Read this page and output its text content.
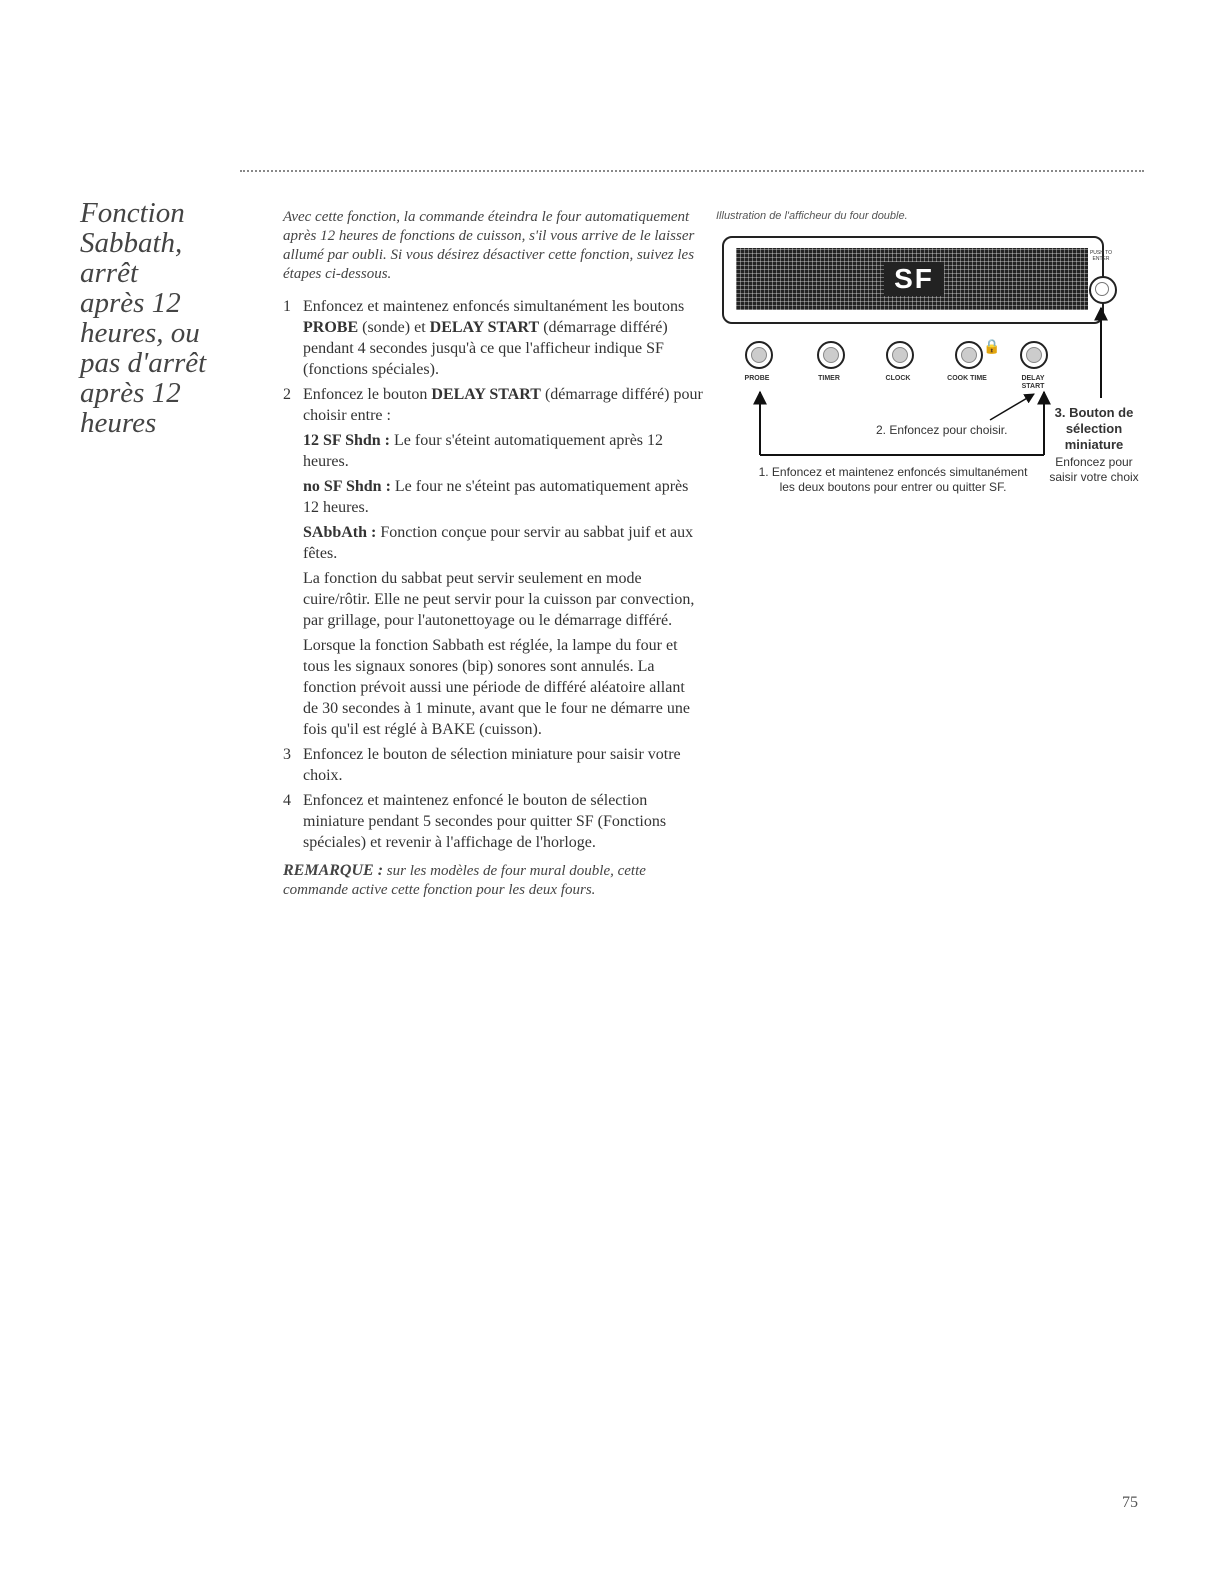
Fonction
Sabbath, arrêt
après 12
heures, ou
pas d'arrêt
après 12
heures

Avec cette fonction, la commande éteindra le four automatiquement après 12 heures de fonctions de cuisson, s'il vous arrive de le laisser allumé par oubli. Si vous désirez désactiver cette fonction, suivez les étapes ci-dessous.

1 Enfoncez et maintenez enfoncés simultanément les boutons PROBE (sonde) et DELAY START (démarrage différé) pendant 4 secondes jusqu'à ce que l'afficheur indique SF (fonctions spéciales).

2 Enfoncez le bouton DELAY START (démarrage différé) pour choisir entre :

12 SF Shdn : Le four s'éteint automatiquement après 12 heures.

no SF Shdn : Le four ne s'éteint pas automatiquement après 12 heures.

SAbbAth : Fonction conçue pour servir au sabbat juif et aux fêtes.

La fonction du sabbat peut servir seulement en mode cuire/rôtir. Elle ne peut servir pour la cuisson par convection, par grillage, pour l'autonettoyage ou le démarrage différé.

Lorsque la fonction Sabbath est réglée, la lampe du four et tous les signaux sonores (bip) sonores sont annulés. La fonction prévoit aussi une période de différé aléatoire allant de 30 secondes à 1 minute, avant que le four ne démarre une fois qu'il est réglé à BAKE (cuisson).

3 Enfoncez le bouton de sélection miniature pour saisir votre choix.

4 Enfoncez et maintenez enfoncé le bouton de sélection miniature pendant 5 secondes pour quitter SF (Fonctions spéciales) et revenir à l'affichage de l'horloge.

REMARQUE : sur les modèles de four mural double, cette commande active cette fonction pour les deux fours.

Illustration de l'afficheur du four double.
SF
PUSH TO ENTER
🔒
PROBE	TIMER	CLOCK	COOK TIME	DELAY START
2. Enfoncez pour choisir.
1. Enfoncez et maintenez enfoncés simultanément
les deux boutons pour entrer ou quitter SF.
3. Bouton de sélection miniature
Enfoncez pour saisir votre choix
75
